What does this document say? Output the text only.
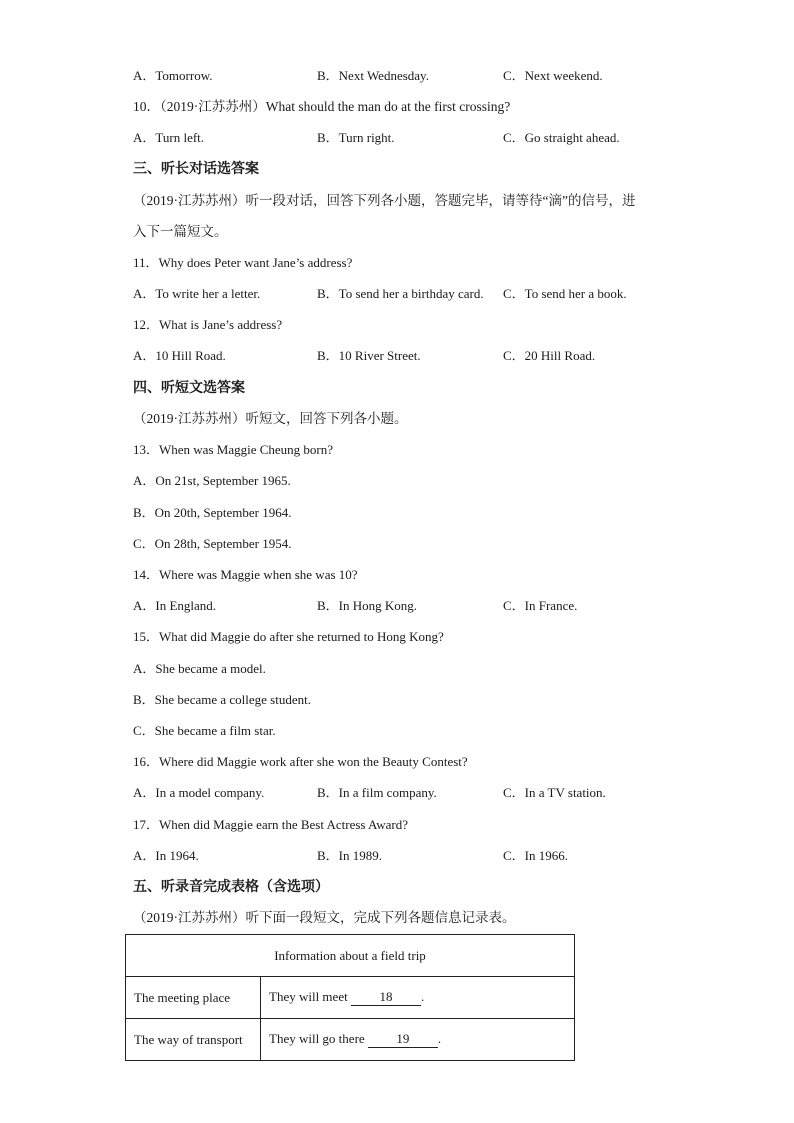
A．Tomorrow.	B．Next Wednesday.	C．Next weekend.
10．（2019·江苏苏州）What should the man do at the first crossing?
A．Turn left.	B．Turn right.	C．Go straight ahead.
三、听长对话选答案
（2019·江苏苏州）听一段对话，回答下列各小题，答题完毕，请等待“滴”的信号，进
入下一篇短文。
11．Why does Peter want Jane’s address?
A．To write her a letter.	B．To send her a birthday card. C．To send her a book.
12．What is Jane’s address?
A．10 Hill Road.	B．10 River Street.	C．20 Hill Road.
四、听短文选答案
（2019·江苏苏州）听短文，回答下列各小题。
13．When was Maggie Cheung born?
A．On 21st, September 1965.
B．On 20th, September 1964.
C．On 28th, September 1954.
14．Where was Maggie when she was 10?
A．In England.	B．In Hong Kong.	C．In France.
15．What did Maggie do after she returned to Hong Kong?
A．She became a model.
B．She became a college student.
C．She became a film star.
16．Where did Maggie work after she won the Beauty Contest?
A．In a model company.	B．In a film company.	C．In a TV station.
17．When did Maggie earn the Best Actress Award?
A．In 1964.	B．In 1989.	C．In 1966.
五、听录音完成表格（含选项）
（2019·江苏苏州）听下面一段短文，完成下列各题信息记录表。
Information about a field trip	
The meeting place	They will meet 18 .
The way of transport	They will go there 19 .
